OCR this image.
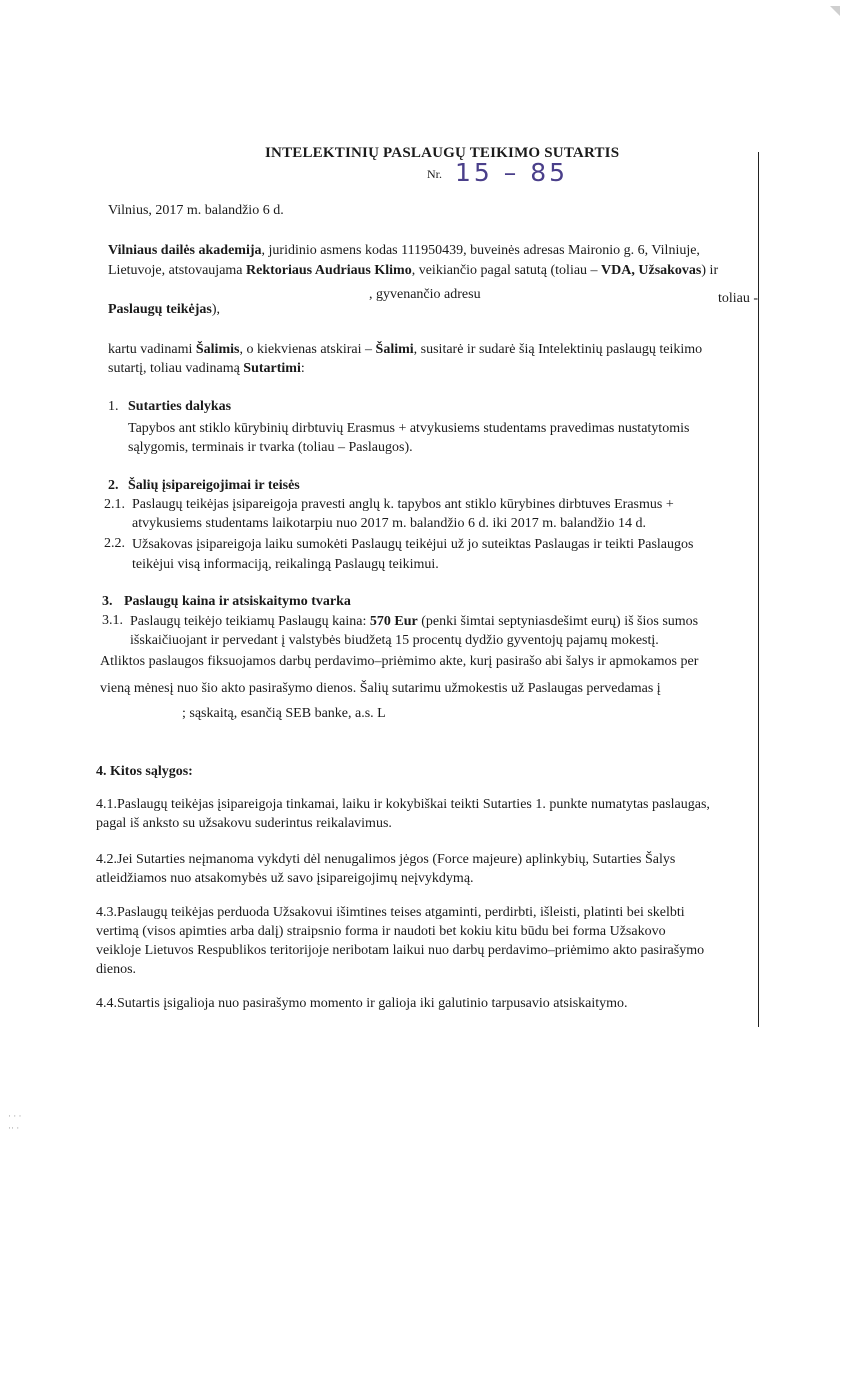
INTELEKTINIŲ PASLAUGŲ TEIKIMO SUTARTIS
Nr. 15 – 85
Vilnius, 2017 m. balandžio 6 d.
Vilniaus dailės akademija, juridinio asmens kodas 111950439, buveinės adresas Maironio g. 6, Vilniuje,
Lietuvoje, atstovaujama Rektoriaus Audriaus Klimo, veikiančio pagal satutą (toliau – VDA, Užsakovas) ir
, gyvenančio adresu	toliau -
Paslaugų teikėjas),
kartu vadinami Šalimis, o kiekvienas atskirai – Šalimi, susitarė ir sudarė šią Intelektinių paslaugų teikimo
sutartį, toliau vadinamą Sutartimi:
1. Sutarties dalykas
Tapybos ant stiklo kūrybinių dirbtuvių Erasmus + atvykusiems studentams pravedimas nustatytomis
sąlygomis, terminais ir tvarka (toliau – Paslaugos).
2. Šalių įsipareigojimai ir teisės
2.1. Paslaugų teikėjas įsipareigoja pravesti anglų k. tapybos ant stiklo kūrybines dirbtuves Erasmus +
atvykusiems studentams laikotarpiu nuo 2017 m. balandžio 6 d. iki 2017 m. balandžio 14 d.
2.2. Užsakovas įsipareigoja laiku sumokėti Paslaugų teikėjui už jo suteiktas Paslaugas ir teikti Paslaugos
teikėjui visą informaciją, reikalingą Paslaugų teikimui.
3. Paslaugų kaina ir atsiskaitymo tvarka
3.1. Paslaugų teikėjo teikiamų Paslaugų kaina: 570 Eur (penki šimtai septyniasdešimt eurų) iš šios sumos
išskaičiuojant ir pervedant į valstybės biudžetą 15 procentų dydžio gyventojų pajamų mokestį.
Atliktos paslaugos fiksuojamos darbų perdavimo–priėmimo akte, kurį pasirašo abi šalys ir apmokamos per
vieną mėnesį nuo šio akto pasirašymo dienos. Šalių sutarimu užmokestis už Paslaugas pervedamas į
; sąskaitą, esančią SEB banke, a.s. L
4. Kitos sąlygos:
4.1.Paslaugų teikėjas įsipareigoja tinkamai, laiku ir kokybiškai teikti Sutarties 1. punkte numatytas paslaugas,
pagal iš anksto su užsakovu suderintus reikalavimus.
4.2.Jei Sutarties neįmanoma vykdyti dėl nenugalimos jėgos (Force majeure) aplinkybių, Sutarties Šalys
atleidžiamos nuo atsakomybės už savo įsipareigojimų neįvykdymą.
4.3.Paslaugų teikėjas perduoda Užsakovui išimtines teises atgaminti, perdirbti, išleisti, platinti bei skelbti
vertimą (visos apimties arba dalį) straipsnio forma ir naudoti bet kokiu kitu būdu bei forma Užsakovo
veikloje Lietuvos Respublikos teritorijoje neribotam laikui nuo darbų perdavimo–priėmimo akto pasirašymo
dienos.
4.4.Sutartis įsigalioja nuo pasirašymo momento ir galioja iki galutinio tarpusavio atsiskaitymo.
· · ·
·· ·
